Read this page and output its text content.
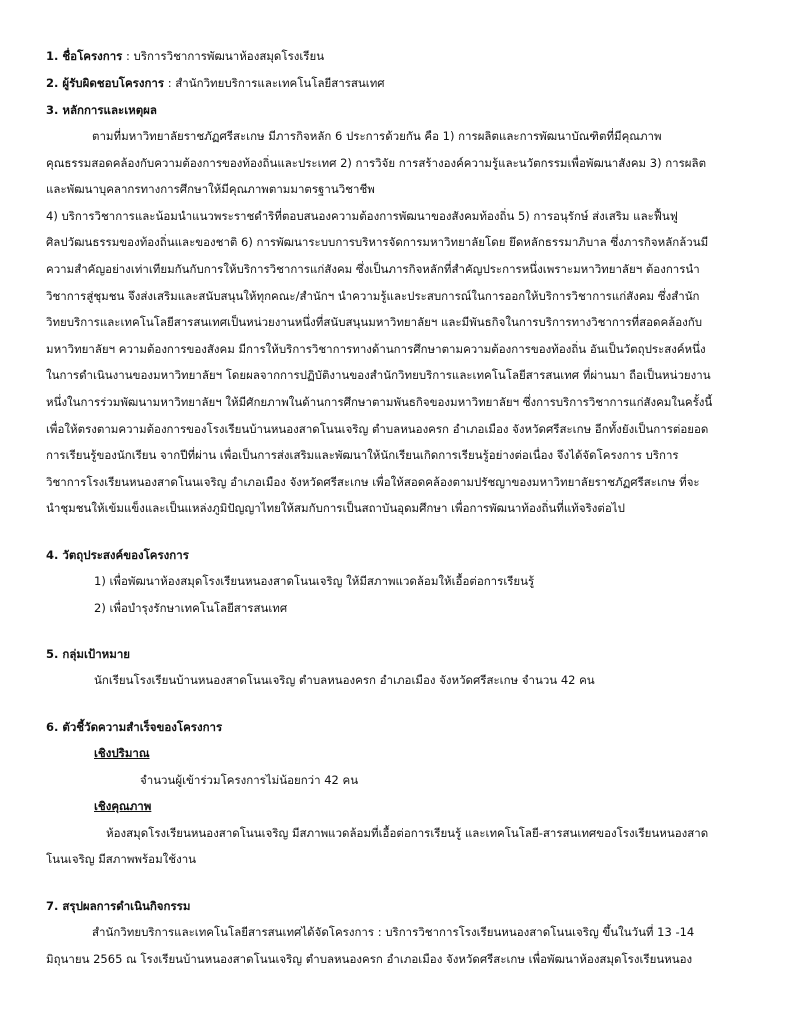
1. ชื่อโครงการ : บริการวิชาการพัฒนาห้องสมุดโรงเรียน
2. ผู้รับผิดชอบโครงการ : สำนักวิทยบริการและเทคโนโลยีสารสนเทศ
3. หลักการและเหตุผล
ตามที่มหาวิทยาลัยราชภัฏศรีสะเกษ มีภารกิจหลัก 6 ประการด้วยกัน คือ 1) การผลิตและการพัฒนาบัณฑิตที่มีคุณภาพ
คุณธรรมสอดคล้องกับความต้องการของท้องถิ่นและประเทศ 2) การวิจัย การสร้างองค์ความรู้และนวัตกรรมเพื่อพัฒนาสังคม 3) การผลิต
และพัฒนาบุคลากรทางการศึกษาให้มีคุณภาพตามมาตรฐานวิชาชีพ
4) บริการวิชาการและน้อมนำแนวพระราชดำริที่ตอบสนองความต้องการพัฒนาของสังคมท้องถิ่น 5) การอนุรักษ์ ส่งเสริม และฟื้นฟู
ศิลปวัฒนธรรมของท้องถิ่นและของชาติ 6) การพัฒนาระบบการบริหารจัดการมหาวิทยาลัยโดย ยึดหลักธรรมาภิบาล ซึ่งภารกิจหลักล้วนมี
ความสำคัญอย่างเท่าเทียมกันกับการให้บริการวิชาการแก่สังคม ซึ่งเป็นภารกิจหลักที่สำคัญประการหนึ่งเพราะมหาวิทยาลัยฯ ต้องการนำ
วิชาการสู่ชุมชน จึงส่งเสริมและสนับสนุนให้ทุกคณะ/สำนักฯ นำความรู้และประสบการณ์ในการออกให้บริการวิชาการแก่สังคม ซึ่งสำนัก
วิทยบริการและเทคโนโลยีสารสนเทศเป็นหน่วยงานหนึ่งที่สนับสนุนมหาวิทยาลัยฯ และมีพันธกิจในการบริการทางวิชาการที่สอดคล้องกับ
มหาวิทยาลัยฯ ความต้องการของสังคม มีการให้บริการวิชาการทางด้านการศึกษาตามความต้องการของท้องถิ่น อันเป็นวัตถุประสงค์หนึ่ง
ในการดำเนินงานของมหาวิทยาลัยฯ โดยผลจากการปฏิบัติงานของสำนักวิทยบริการและเทคโนโลยีสารสนเทศ ที่ผ่านมา ถือเป็นหน่วยงาน
หนึ่งในการร่วมพัฒนามหาวิทยาลัยฯ ให้มีศักยภาพในด้านการศึกษาตามพันธกิจของมหาวิทยาลัยฯ ซึ่งการบริการวิชาการแก่สังคมในครั้งนี้
เพื่อให้ตรงตามความต้องการของโรงเรียนบ้านหนองสาดโนนเจริญ ตำบลหนองครก อำเภอเมือง จังหวัดศรีสะเกษ อีกทั้งยังเป็นการต่อยอด
การเรียนรู้ของนักเรียน จากปีที่ผ่าน เพื่อเป็นการส่งเสริมและพัฒนาให้นักเรียนเกิดการเรียนรู้อย่างต่อเนื่อง จึงได้จัดโครงการ บริการ
วิชาการโรงเรียนหนองสาดโนนเจริญ อำเภอเมือง จังหวัดศรีสะเกษ เพื่อให้สอดคล้องตามปรัชญาของมหาวิทยาลัยราชภัฏศรีสะเกษ ที่จะ
นำชุมชนให้เข้มแข็งและเป็นแหล่งภูมิปัญญาไทยให้สมกับการเป็นสถาบันอุดมศึกษา เพื่อการพัฒนาท้องถิ่นที่แท้จริงต่อไป
4. วัตถุประสงค์ของโครงการ
1) เพื่อพัฒนาห้องสมุดโรงเรียนหนองสาดโนนเจริญ ให้มีสภาพแวดล้อมให้เอื้อต่อการเรียนรู้
2) เพื่อบำรุงรักษาเทคโนโลยีสารสนเทศ
5. กลุ่มเป้าหมาย
นักเรียนโรงเรียนบ้านหนองสาดโนนเจริญ ตำบลหนองครก อำเภอเมือง จังหวัดศรีสะเกษ จำนวน 42 คน
6. ตัวชี้วัดความสำเร็จของโครงการ
เชิงปริมาณ
จำนวนผู้เข้าร่วมโครงการไม่น้อยกว่า 42 คน
เชิงคุณภาพ
ห้องสมุดโรงเรียนหนองสาดโนนเจริญ มีสภาพแวดล้อมที่เอื้อต่อการเรียนรู้ และเทคโนโลยี-สารสนเทศของโรงเรียนหนองสาด
โนนเจริญ มีสภาพพร้อมใช้งาน
7. สรุปผลการดำเนินกิจกรรม
สำนักวิทยบริการและเทคโนโลยีสารสนเทศได้จัดโครงการ : บริการวิชาการโรงเรียนหนองสาดโนนเจริญ ขึ้นในวันที่ 13 -14
มิถุนายน 2565 ณ โรงเรียนบ้านหนองสาดโนนเจริญ ตำบลหนองครก อำเภอเมือง จังหวัดศรีสะเกษ เพื่อพัฒนาห้องสมุดโรงเรียนหนอง
